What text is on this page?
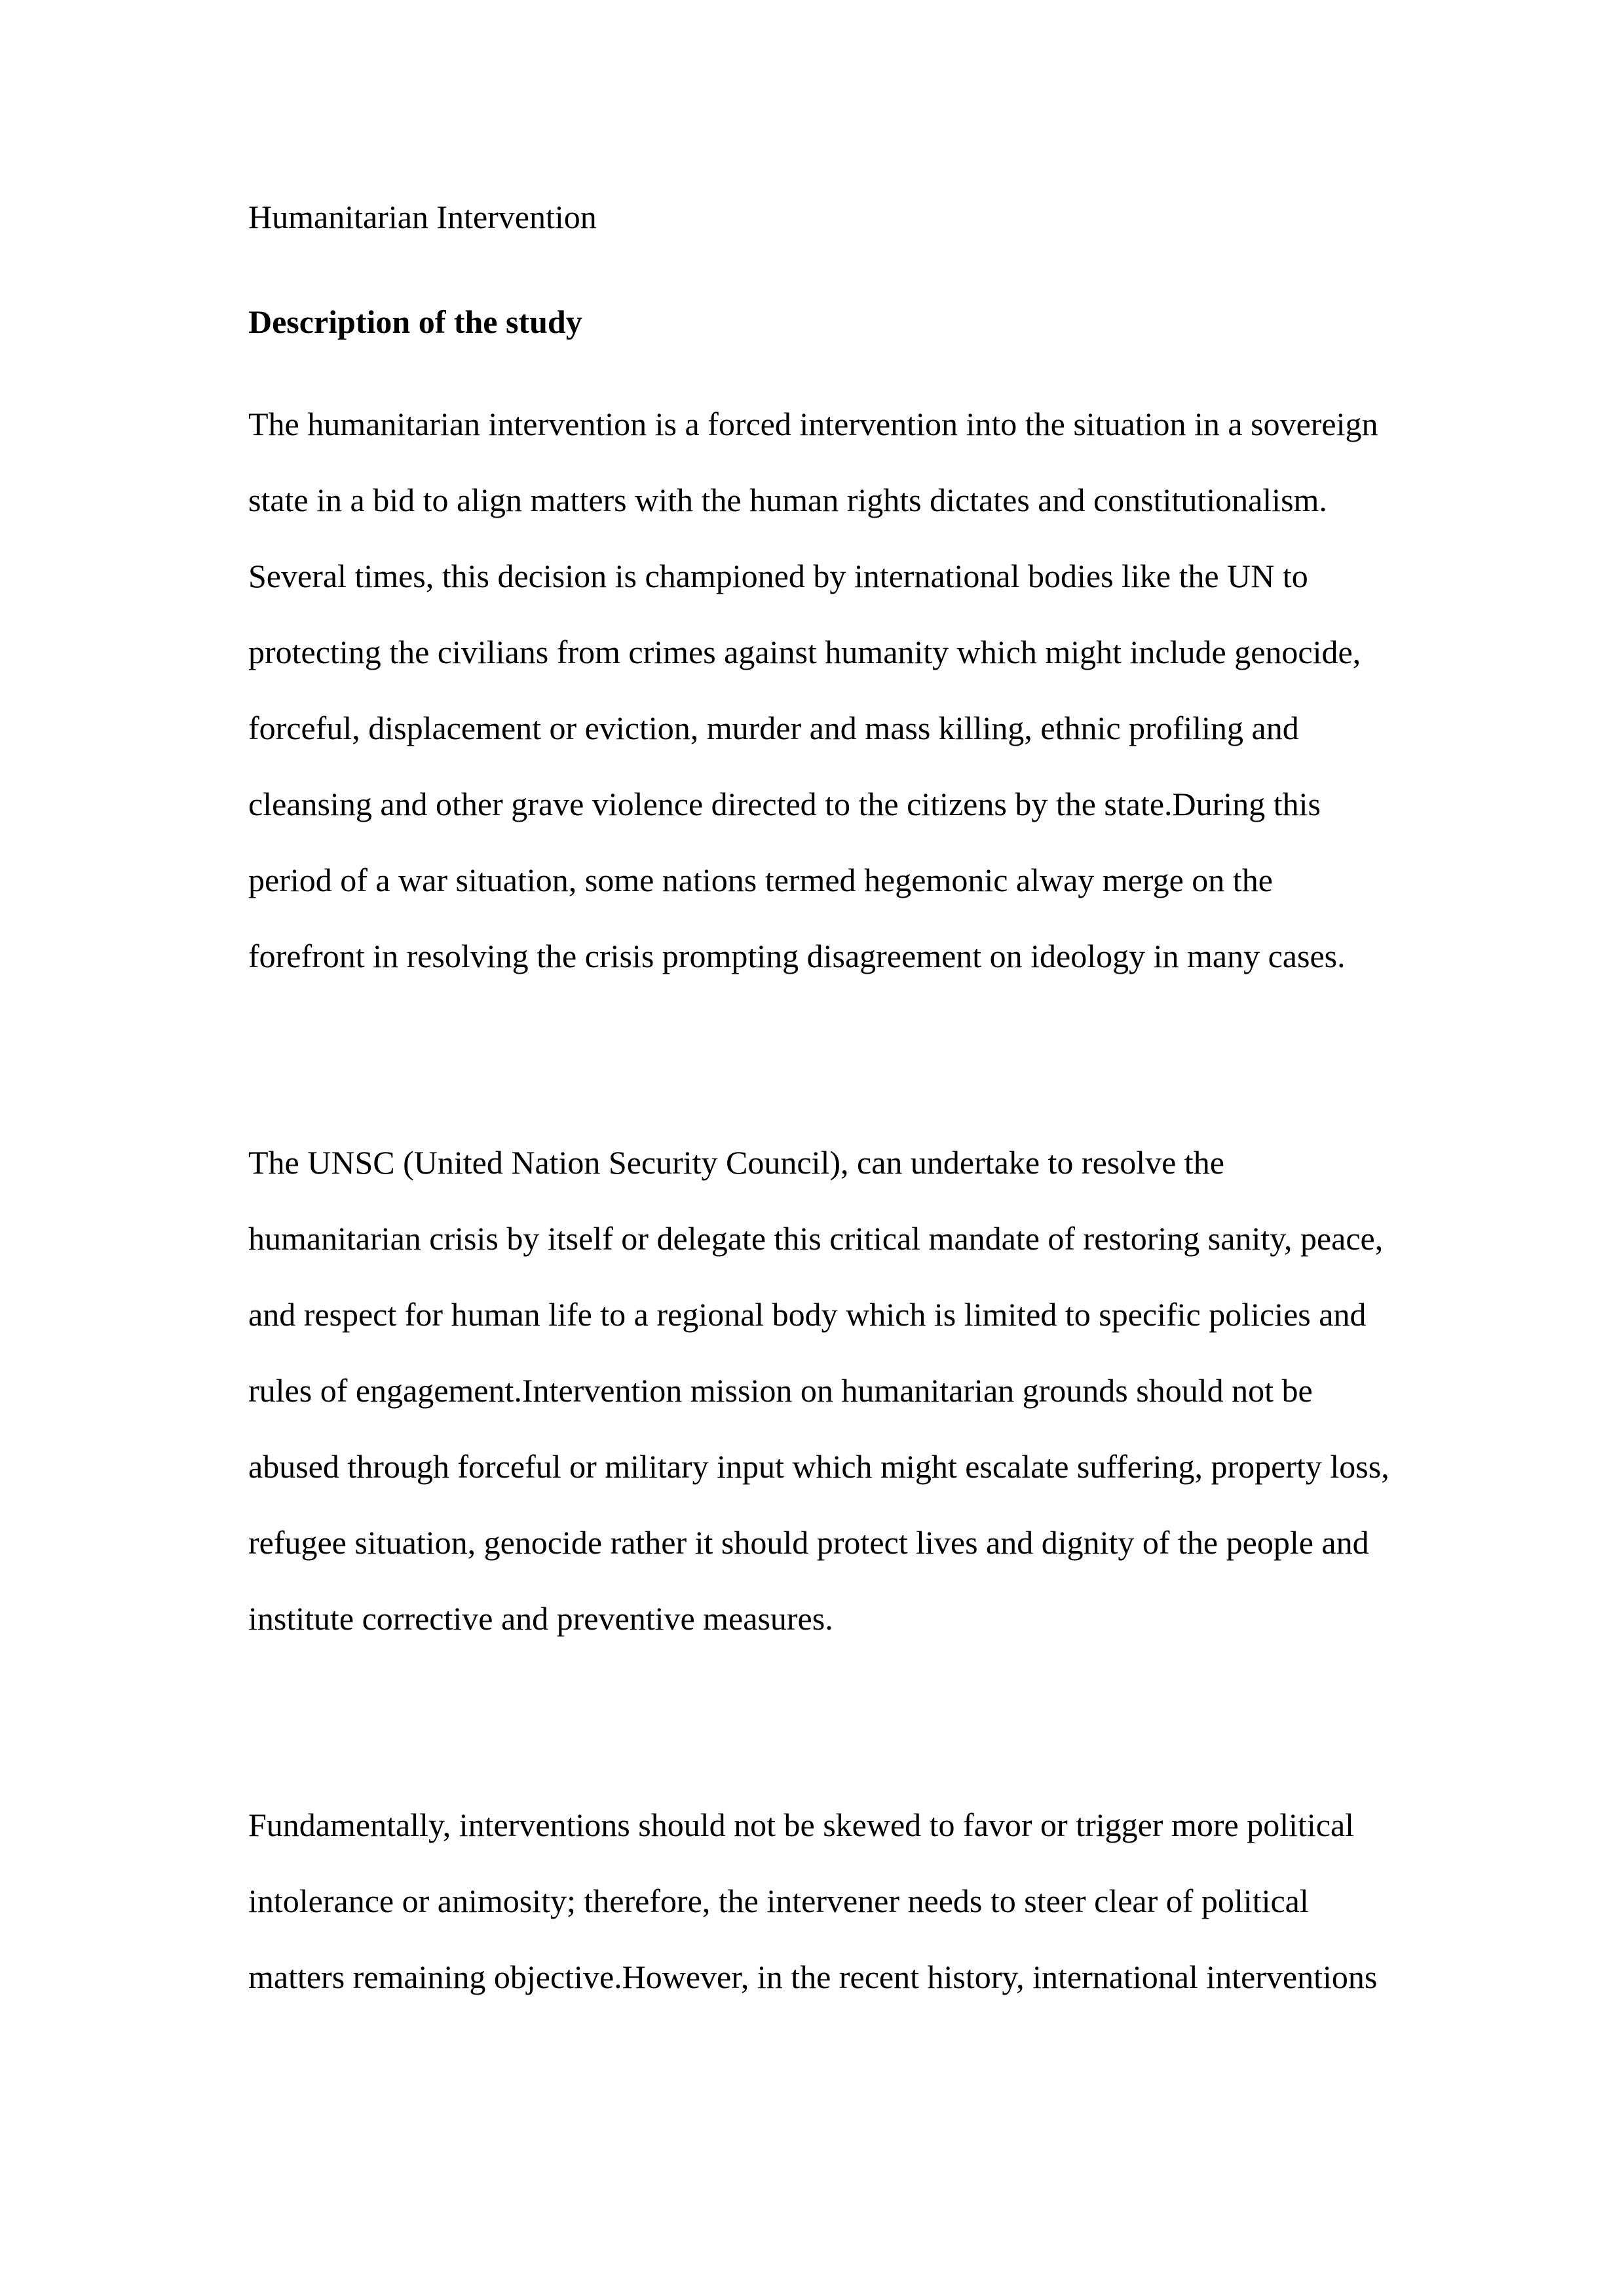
Humanitarian Intervention
Description of the study
The humanitarian intervention is a forced intervention into the situation in a sovereign
state in a bid to align matters with the human rights dictates and constitutionalism.
Several times, this decision is championed by international bodies like the UN to
protecting the civilians from crimes against humanity which might include genocide,
forceful, displacement or eviction, murder and mass killing, ethnic profiling and
cleansing and other grave violence directed to the citizens by the state.During this
period of a war situation, some nations termed hegemonic alway merge on the
forefront in resolving the crisis prompting disagreement on ideology in many cases.
The UNSC (United Nation Security Council), can undertake to resolve the
humanitarian crisis by itself or delegate this critical mandate of restoring sanity, peace,
and respect for human life to a regional body which is limited to specific policies and
rules of engagement.Intervention mission on humanitarian grounds should not be
abused through forceful or military input which might escalate suffering, property loss,
refugee situation, genocide rather it should protect lives and dignity of the people and
institute corrective and preventive measures.
Fundamentally, interventions should not be skewed to favor or trigger more political
intolerance or animosity; therefore, the intervener needs to steer clear of political
matters remaining objective.However, in the recent history, international interventions
